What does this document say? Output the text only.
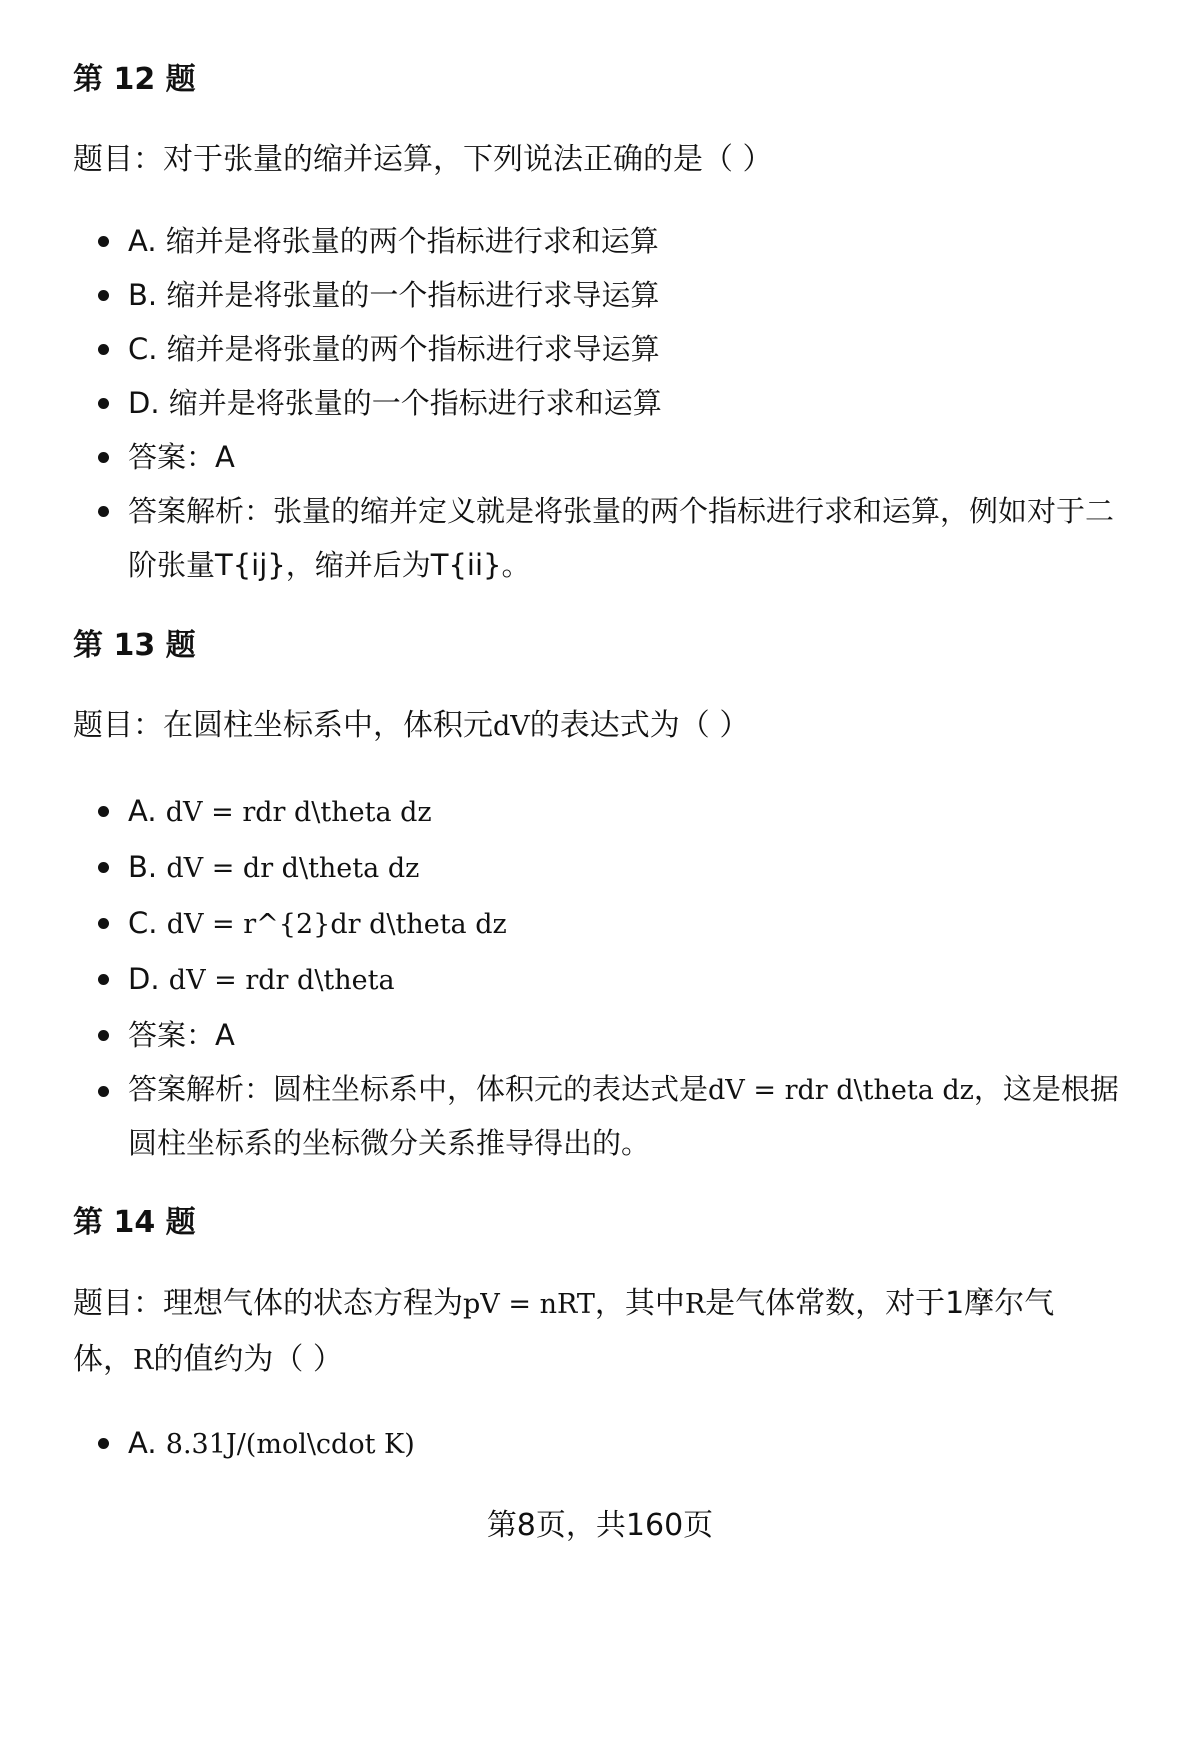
第 12 题
题目：对于张量的缩并运算，下列说法正确的是（ ）
A. 缩并是将张量的两个指标进行求和运算
B. 缩并是将张量的一个指标进行求导运算
C. 缩并是将张量的两个指标进行求导运算
D. 缩并是将张量的一个指标进行求和运算
答案：A
答案解析：张量的缩并定义就是将张量的两个指标进行求和运算，例如对于二
阶张量T{ij}，缩并后为T{ii}。
第 13 题
题目：在圆柱坐标系中，体积元dV的表达式为（ ）
A. dV = rdr d\theta dz
B. dV = dr d\theta dz
C. dV = r^{2}dr d\theta dz
D. dV = rdr d\theta
答案：A
答案解析：圆柱坐标系中，体积元的表达式是dV = rdr d\theta dz，这是根据
圆柱坐标系的坐标微分关系推导得出的。
第 14 题
题目：理想气体的状态方程为pV = nRT，其中R是气体常数，对于1摩尔气
体，R的值约为（ ）
A. 8.31J/(mol\cdot K)
第8页，共160页
